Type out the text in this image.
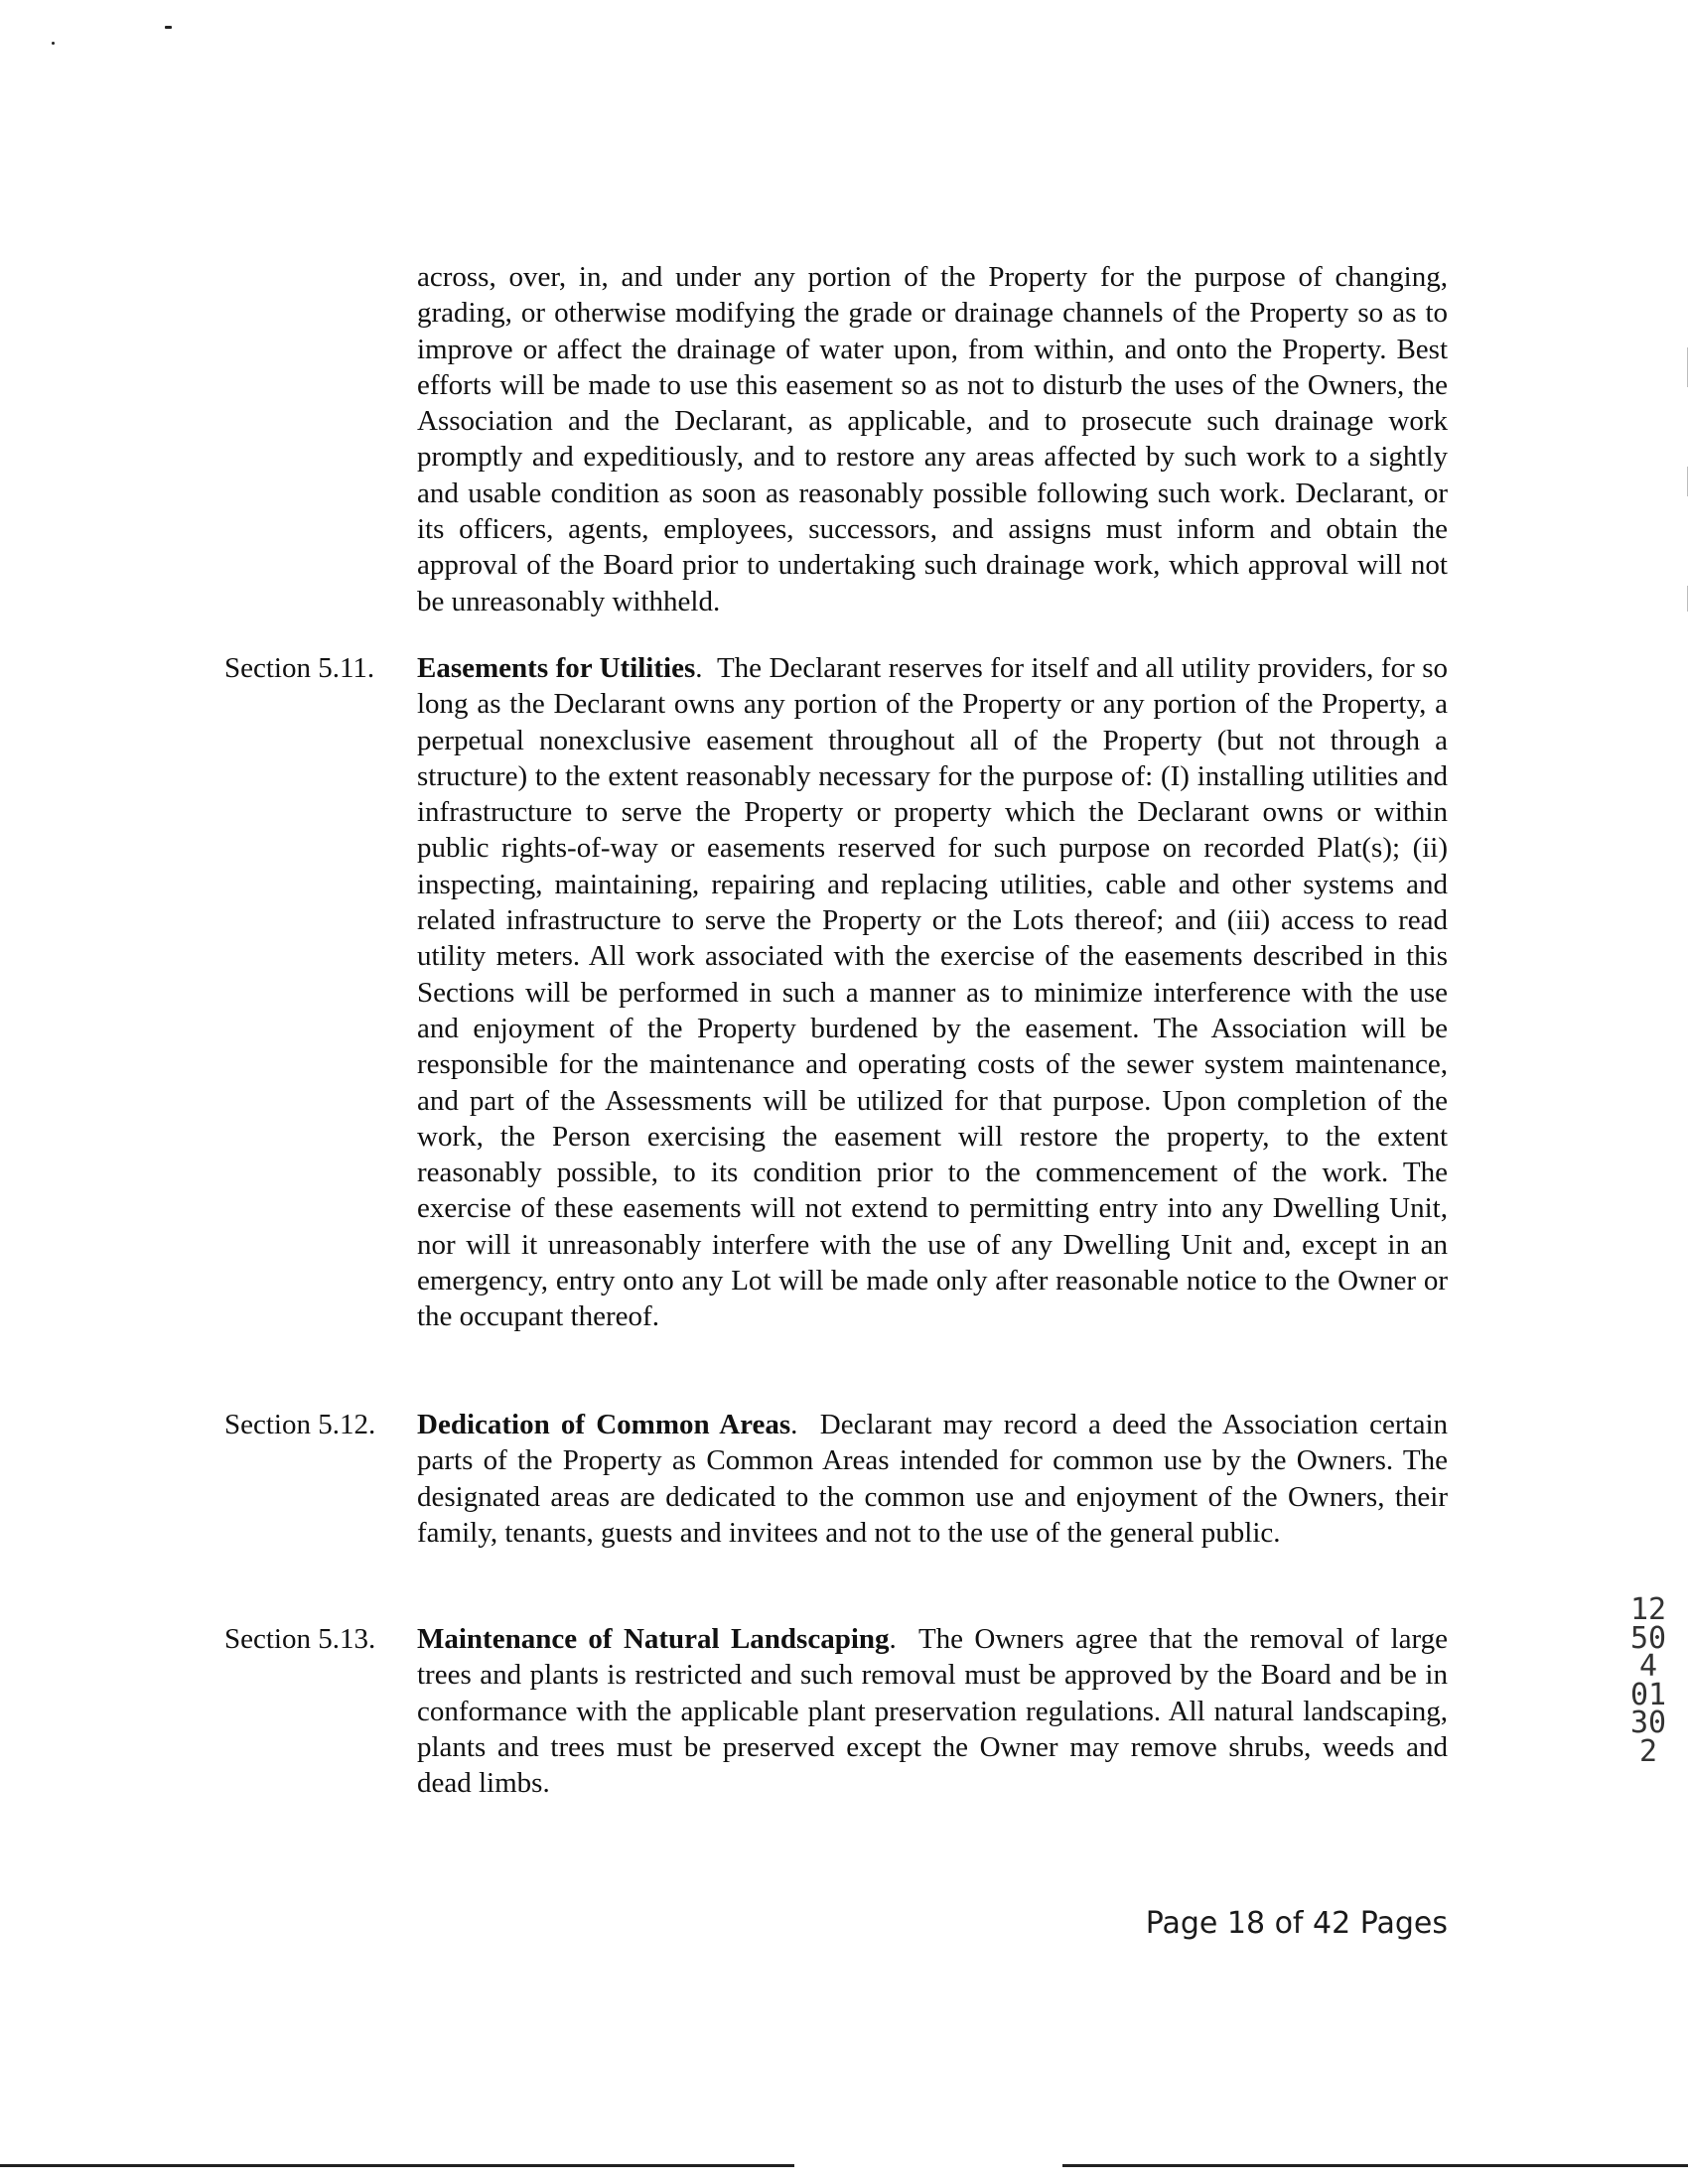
across, over, in, and under any portion of the Property for the purpose of changing, grading, or otherwise modifying the grade or drainage channels of the Property so as to improve or affect the drainage of water upon, from within, and onto the Property. Best efforts will be made to use this easement so as not to disturb the uses of the Owners, the Association and the Declarant, as applicable, and to prosecute such drainage work promptly and expeditiously, and to restore any areas affected by such work to a sightly and usable condition as soon as reasonably possible following such work. Declarant, or its officers, agents, employees, successors, and assigns must inform and obtain the approval of the Board prior to undertaking such drainage work, which approval will not be unreasonably withheld.

Section 5.11. Easements for Utilities.  The Declarant reserves for itself and all utility providers, for so long as the Declarant owns any portion of the Property or any portion of the Property, a perpetual nonexclusive easement throughout all of the Property (but not through a structure) to the extent reasonably necessary for the purpose of: (I) installing utilities and infrastructure to serve the Property or property which the Declarant owns or within public rights-of-way or easements reserved for such purpose on recorded Plat(s); (ii) inspecting, maintaining, repairing and replacing utilities, cable and other systems and related infrastructure to serve the Property or the Lots thereof; and (iii) access to read utility meters. All work associated with the exercise of the easements described in this Sections will be performed in such a manner as to minimize interference with the use and enjoyment of the Property burdened by the easement. The Association will be responsible for the maintenance and operating costs of the sewer system maintenance, and part of the Assessments will be utilized for that purpose. Upon completion of the work, the Person exercising the easement will restore the property, to the extent reasonably possible, to its condition prior to the commencement of the work. The exercise of these easements will not extend to permitting entry into any Dwelling Unit, nor will it unreasonably interfere with the use of any Dwelling Unit and, except in an emergency, entry onto any Lot will be made only after reasonable notice to the Owner or the occupant thereof.

Section 5.12. Dedication of Common Areas.  Declarant may record a deed the Association certain parts of the Property as Common Areas intended for common use by the Owners. The designated areas are dedicated to the common use and enjoyment of the Owners, their family, tenants, guests and invitees and not to the use of the general public.

Section 5.13. Maintenance of Natural Landscaping.  The Owners agree that the removal of large trees and plants is restricted and such removal must be approved by the Board and be in conformance with the applicable plant preservation regulations. All natural landscaping, plants and trees must be preserved except the Owner may remove shrubs, weeds and dead limbs.

Page 18 of 42 Pages
12504 01302
